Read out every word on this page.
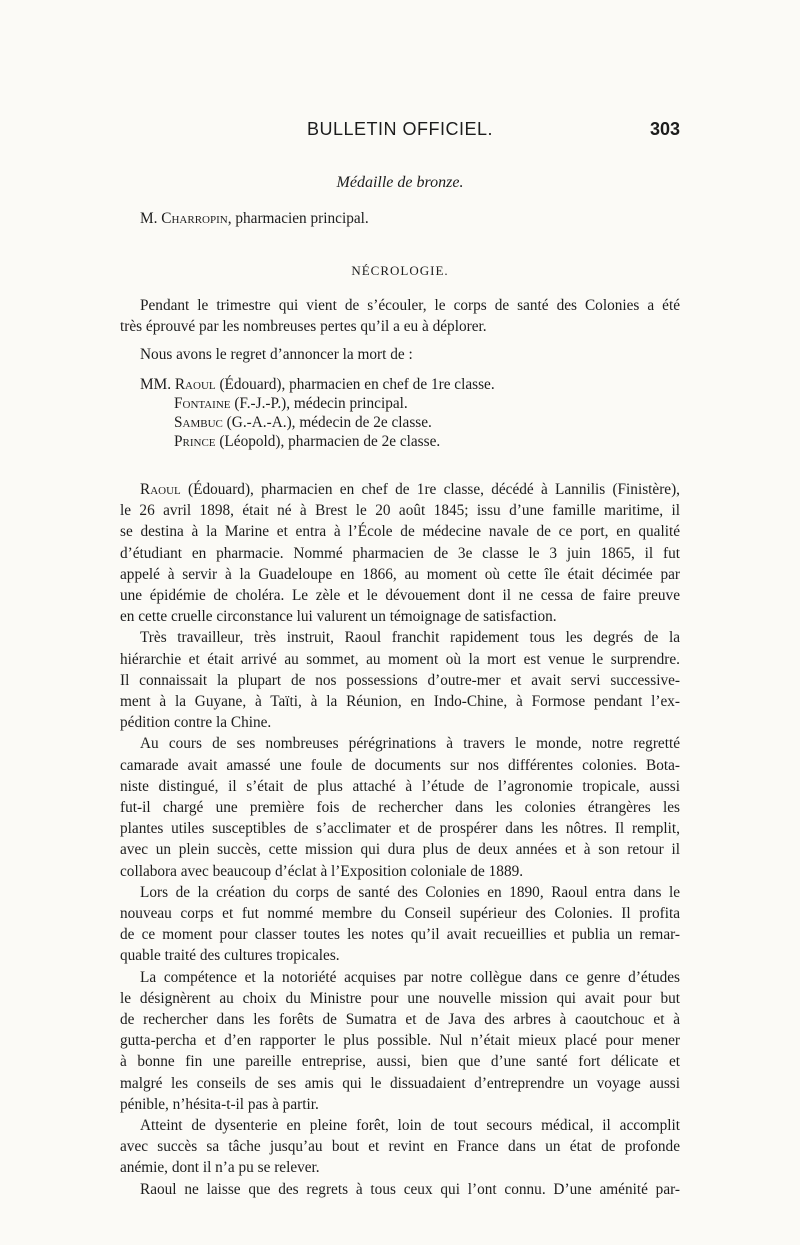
BULLETIN OFFICIEL.	303
Médaille de bronze.
M. Charropin, pharmacien principal.
NÉCROLOGIE.
Pendant le trimestre qui vient de s’écouler, le corps de santé des Colonies a été
très éprouvé par les nombreuses pertes qu’il a eu à déplorer.
Nous avons le regret d’annoncer la mort de :
MM. Raoul (Édouard), pharmacien en chef de 1re classe.
Fontaine (F.-J.-P.), médecin principal.
Sambuc (G.-A.-A.), médecin de 2e classe.
Prince (Léopold), pharmacien de 2e classe.
Raoul (Édouard), pharmacien en chef de 1re classe, décédé à Lannilis (Finistère),
le 26 avril 1898, était né à Brest le 20 août 1845; issu d’une famille maritime, il
se destina à la Marine et entra à l’École de médecine navale de ce port, en qualité
d’étudiant en pharmacie. Nommé pharmacien de 3e classe le 3 juin 1865, il fut
appelé à servir à la Guadeloupe en 1866, au moment où cette île était décimée par
une épidémie de choléra. Le zèle et le dévouement dont il ne cessa de faire preuve
en cette cruelle circonstance lui valurent un témoignage de satisfaction.
Très travailleur, très instruit, Raoul franchit rapidement tous les degrés de la
hiérarchie et était arrivé au sommet, au moment où la mort est venue le surprendre.
Il connaissait la plupart de nos possessions d’outre-mer et avait servi successive-
ment à la Guyane, à Taïti, à la Réunion, en Indo-Chine, à Formose pendant l’ex-
pédition contre la Chine.
Au cours de ses nombreuses pérégrinations à travers le monde, notre regretté
camarade avait amassé une foule de documents sur nos différentes colonies. Bota-
niste distingué, il s’était de plus attaché à l’étude de l’agronomie tropicale, aussi
fut-il chargé une première fois de rechercher dans les colonies étrangères les
plantes utiles susceptibles de s’acclimater et de prospérer dans les nôtres. Il remplit,
avec un plein succès, cette mission qui dura plus de deux années et à son retour il
collabora avec beaucoup d’éclat à l’Exposition coloniale de 1889.
Lors de la création du corps de santé des Colonies en 1890, Raoul entra dans le
nouveau corps et fut nommé membre du Conseil supérieur des Colonies. Il profita
de ce moment pour classer toutes les notes qu’il avait recueillies et publia un remar-
quable traité des cultures tropicales.
La compétence et la notoriété acquises par notre collègue dans ce genre d’études
le désignèrent au choix du Ministre pour une nouvelle mission qui avait pour but
de rechercher dans les forêts de Sumatra et de Java des arbres à caoutchouc et à
gutta-percha et d’en rapporter le plus possible. Nul n’était mieux placé pour mener
à bonne fin une pareille entreprise, aussi, bien que d’une santé fort délicate et
malgré les conseils de ses amis qui le dissuadaient d’entreprendre un voyage aussi
pénible, n’hésita-t-il pas à partir.
Atteint de dysenterie en pleine forêt, loin de tout secours médical, il accomplit
avec succès sa tâche jusqu’au bout et revint en France dans un état de profonde
anémie, dont il n’a pu se relever.
Raoul ne laisse que des regrets à tous ceux qui l’ont connu. D’une aménité par-
